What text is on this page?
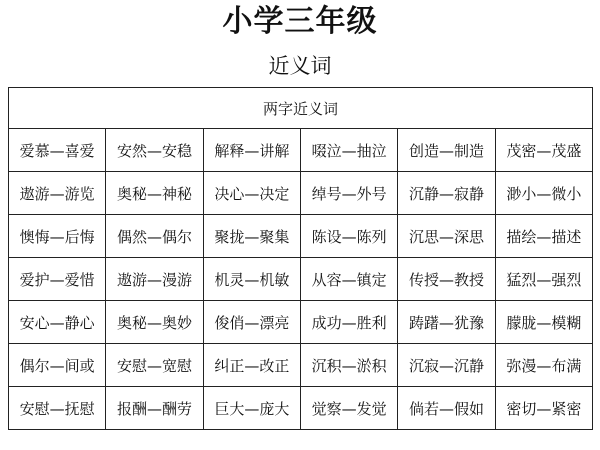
小学三年级
近义词
两字近义词					
爱慕—喜爱	安然—安稳	解释—讲解	啜泣—抽泣	创造—制造	茂密—茂盛
遨游—游览	奥秘—神秘	决心—决定	绰号—外号	沉静—寂静	渺小—微小
懊悔—后悔	偶然—偶尔	聚拢—聚集	陈设—陈列	沉思—深思	描绘—描述
爱护—爱惜	遨游—漫游	机灵—机敏	从容—镇定	传授—教授	猛烈—强烈
安心—静心	奥秘—奥妙	俊俏—漂亮	成功—胜利	踌躇—犹豫	朦胧—模糊
偶尔—间或	安慰—宽慰	纠正—改正	沉积—淤积	沉寂—沉静	弥漫—布满
安慰—抚慰	报酬—酬劳	巨大—庞大	觉察—发觉	倘若—假如	密切—紧密
